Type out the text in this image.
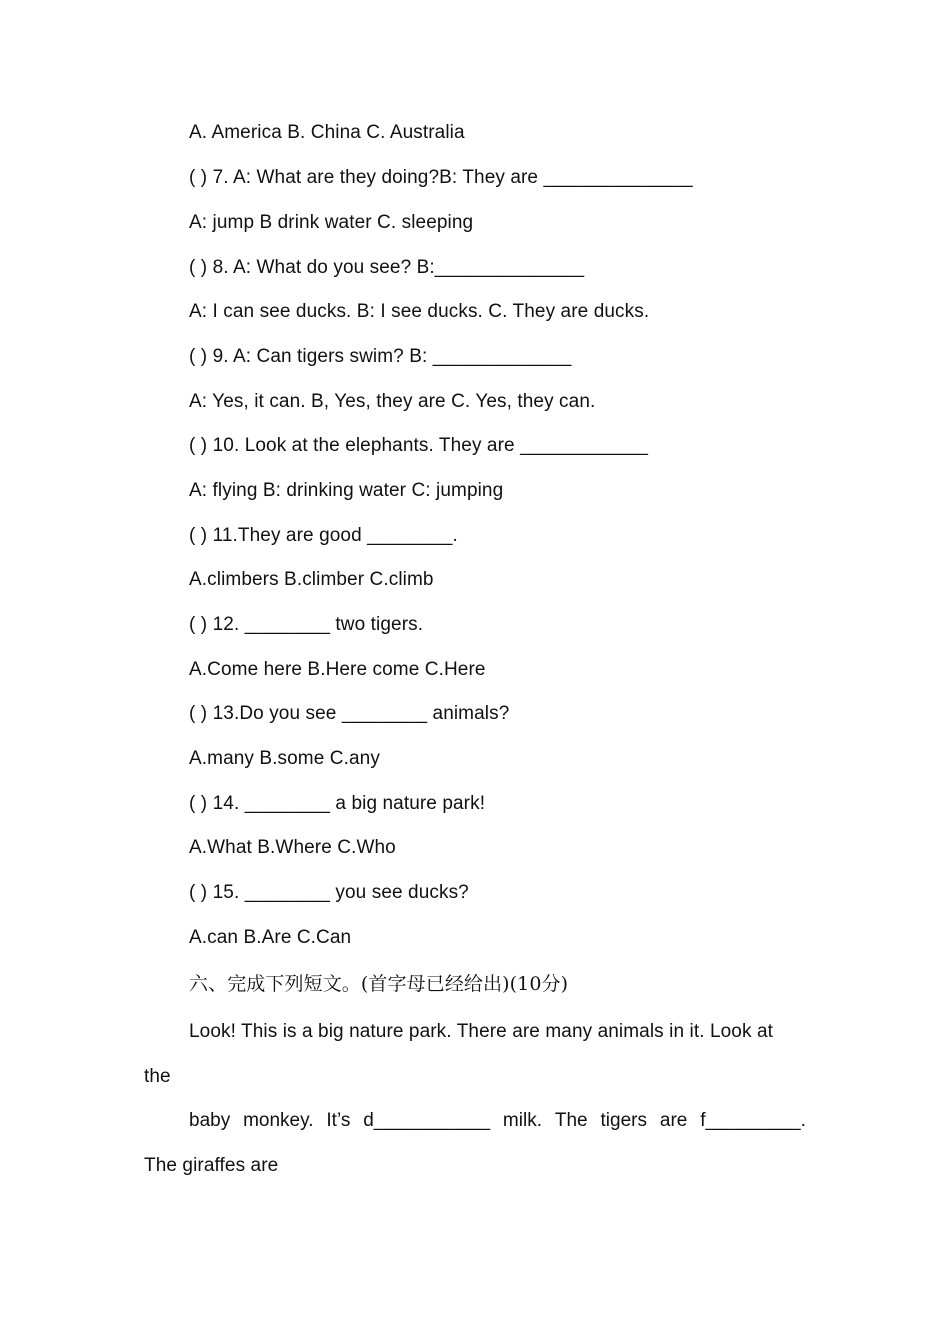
A. America B. China C. Australia
( ) 7. A: What are they doing?B: They are ______________
A: jump B drink water C. sleeping
( ) 8. A: What do you see? B:______________
A: I can see ducks. B: I see ducks. C. They are ducks.
( ) 9. A: Can tigers swim? B: _____________
A: Yes, it can. B, Yes, they are C. Yes, they can.
( ) 10. Look at the elephants. They are ____________
A: flying B: drinking water C: jumping
( ) 11.They are good ________.
A.climbers B.climber C.climb
( ) 12. ________ two tigers.
A.Come here B.Here come C.Here
( ) 13.Do you see ________ animals?
A.many B.some C.any
( ) 14. ________ a big nature park!
A.What B.Where C.Who
( ) 15. ________ you see ducks?
A.can B.Are C.Can
六、完成下列短文。(首字母已经给出)(10分)
Look! This is a big nature park. There are many animals in it. Look at
the
baby monkey. It’s d___________ milk. The tigers are f_________.
The giraffes are
